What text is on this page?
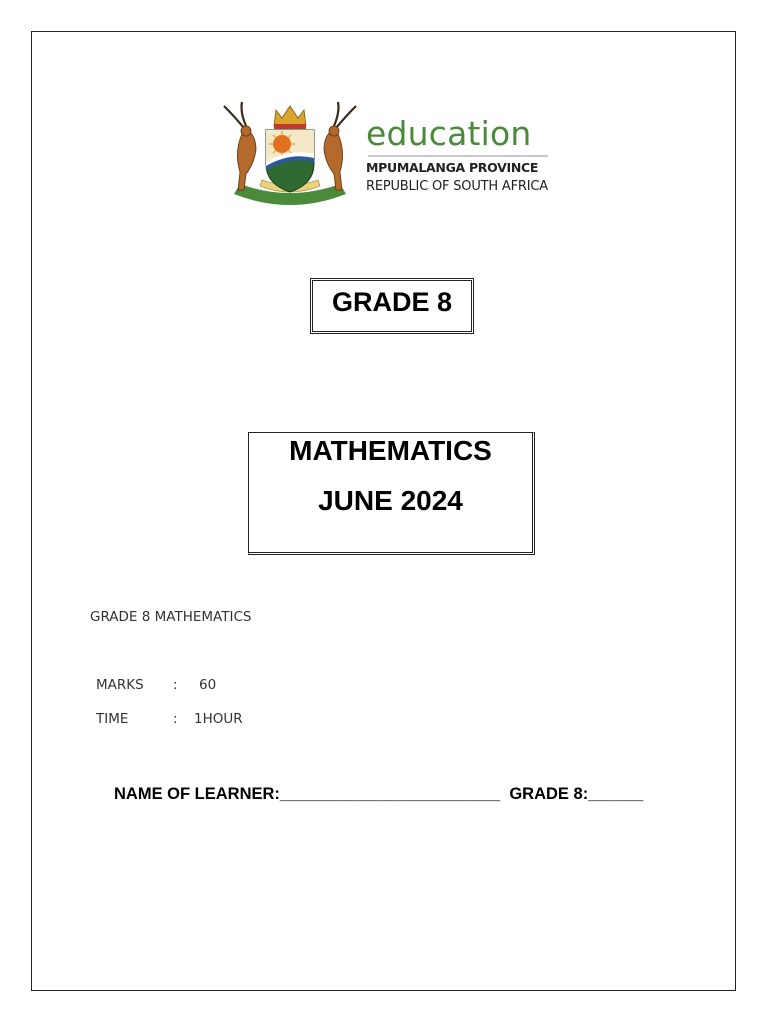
education
MPUMALANGA PROVINCE
REPUBLIC OF SOUTH AFRICA
GRADE 8
MATHEMATICS
JUNE 2024
GRADE 8 MATHEMATICS
MARKS : 60
TIME	: 1HOUR
NAME OF LEARNER:________________________ GRADE 8:______
